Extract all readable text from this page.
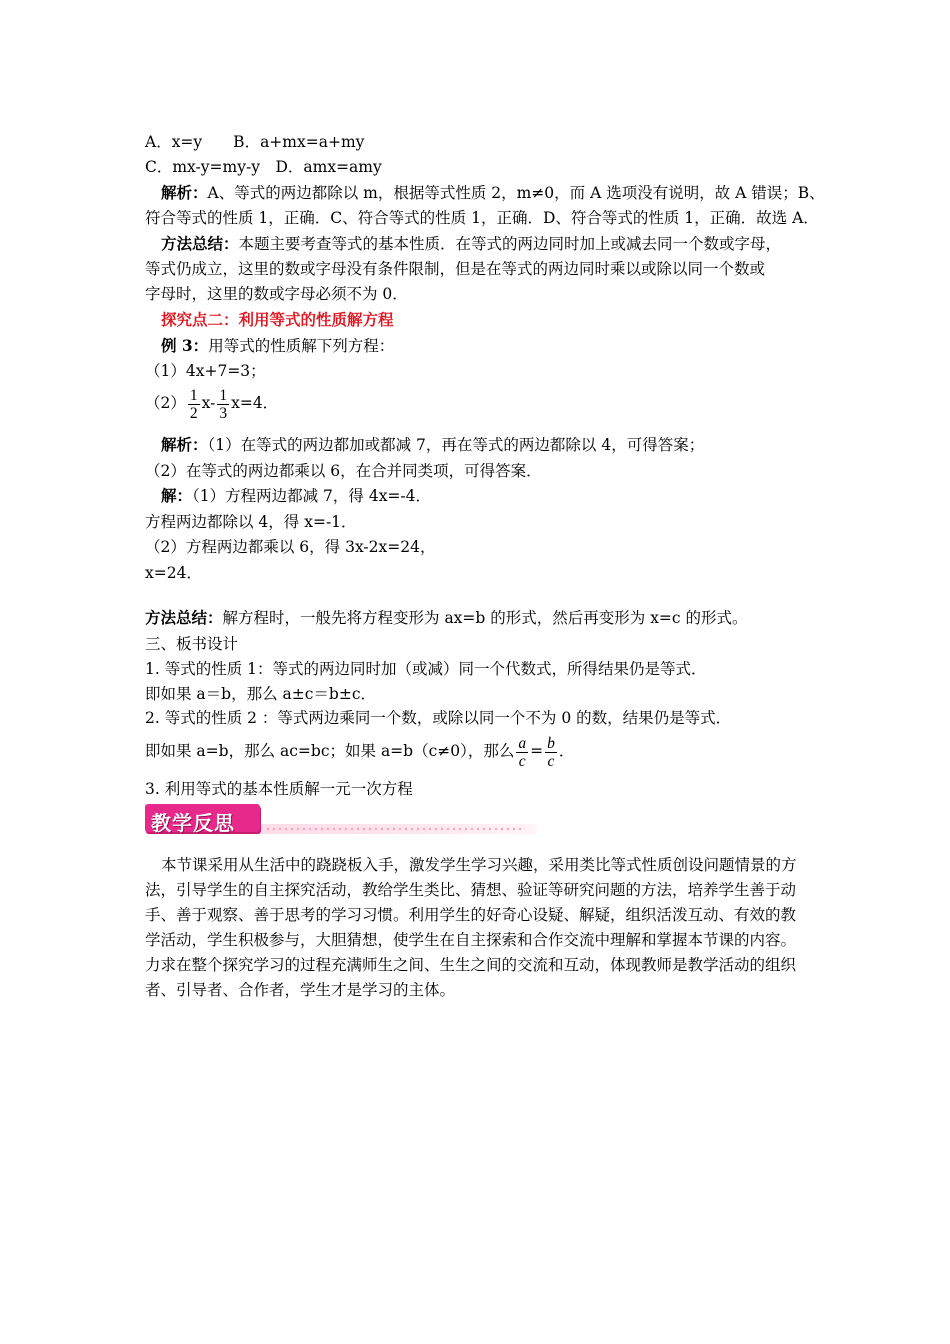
A．x=y　　B．a+mx=a+my
C．mx-y=my-y　D．amx=amy
解析：A、等式的两边都除以 m，根据等式性质 2，m≠0，而 A 选项没有说明，故 A 错误；B、
符合等式的性质 1，正确．C、符合等式的性质 1，正确．D、符合等式的性质 1，正确．故选 A．
方法总结：本题主要考查等式的基本性质．在等式的两边同时加上或减去同一个数或字母，
等式仍成立，这里的数或字母没有条件限制，但是在等式的两边同时乘以或除以同一个数或
字母时，这里的数或字母必须不为 0．
探究点二：利用等式的性质解方程
例 3：用等式的性质解下列方程：
（1）4x+7=3；
$(2) \frac{1}{2} x- \frac{1}{3} x=4$．
解析：（1）在等式的两边都加或都减 7，再在等式的两边都除以 4，可得答案；
（2）在等式的两边都乘以 6，在合并同类项，可得答案．
解：（1）方程两边都减 7，得 4x=-4．
方程两边都除以 4，得 x=-1．
（2）方程两边都乘以 6，得 3x-2x=24，
x=24．
方法总结：解方程时，一般先将方程变形为 ax=b 的形式，然后再变形为 x=c 的形式。
三、板书设计
1. 等式的性质 1：等式的两边同时加（或减）同一个代数式，所得结果仍是等式．
即如果 a＝b，那么 a±c＝b±c．
2. 等式的性质 2 ：等式两边乘同一个数，或除以同一个不为 0 的数，结果仍是等式．
即如果 a=b，那么 ac=bc；如果 a=b（c≠0），那么 $\frac{a}{c} = \frac{b}{c}$ ．
3. 利用等式的基本性质解一元一次方程
教学反思
本节课采用从生活中的跷跷板入手，激发学生学习兴趣，采用类比等式性质创设问题情景的方法，引导学生的自主探究活动，教给学生类比、猜想、验证等研究问题的方法，培养学生善于动手、善于观察、善于思考的学习习惯。利用学生的好奇心设疑、解疑，组织活泼互动、有效的教学活动，学生积极参与，大胆猜想，使学生在自主探索和合作交流中理解和掌握本节课的内容。力求在整个探究学习的过程充满师生之间、生生之间的交流和互动，体现教师是教学活动的组织者、引导者、合作者，学生才是学习的主体。
